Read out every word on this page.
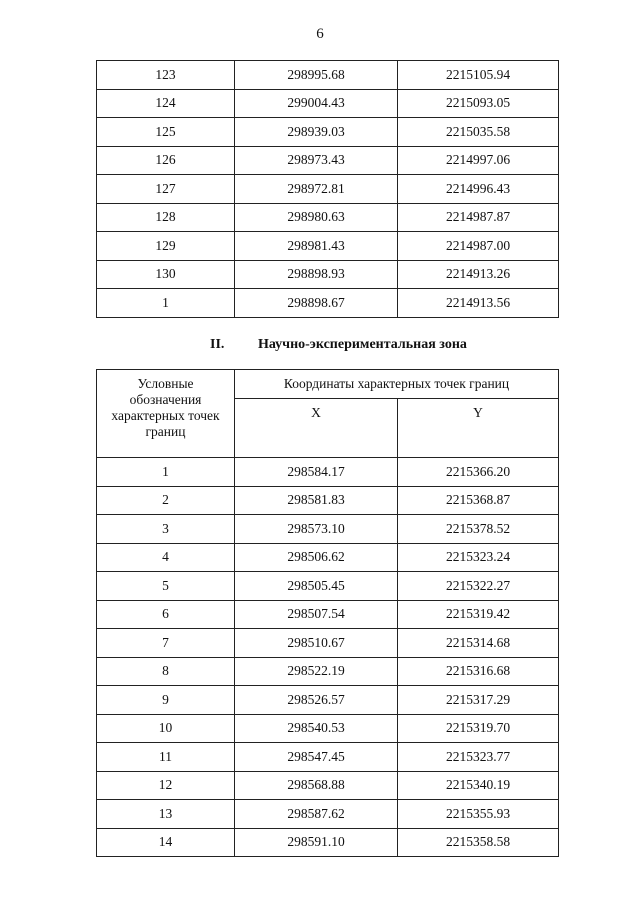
6
123	298995.68	2215105.94
124	299004.43	2215093.05
125	298939.03	2215035.58
126	298973.43	2214997.06
127	298972.81	2214996.43
128	298980.63	2214987.87
129	298981.43	2214987.00
130	298898.93	2214913.26
1	298898.67	2214913.56
II. Научно-экспериментальная зона
Условные
обозначения
характерных точек
границ	Координаты характерных точек границ	
	X	Y
1	298584.17	2215366.20
2	298581.83	2215368.87
3	298573.10	2215378.52
4	298506.62	2215323.24
5	298505.45	2215322.27
6	298507.54	2215319.42
7	298510.67	2215314.68
8	298522.19	2215316.68
9	298526.57	2215317.29
10	298540.53	2215319.70
11	298547.45	2215323.77
12	298568.88	2215340.19
13	298587.62	2215355.93
14	298591.10	2215358.58
